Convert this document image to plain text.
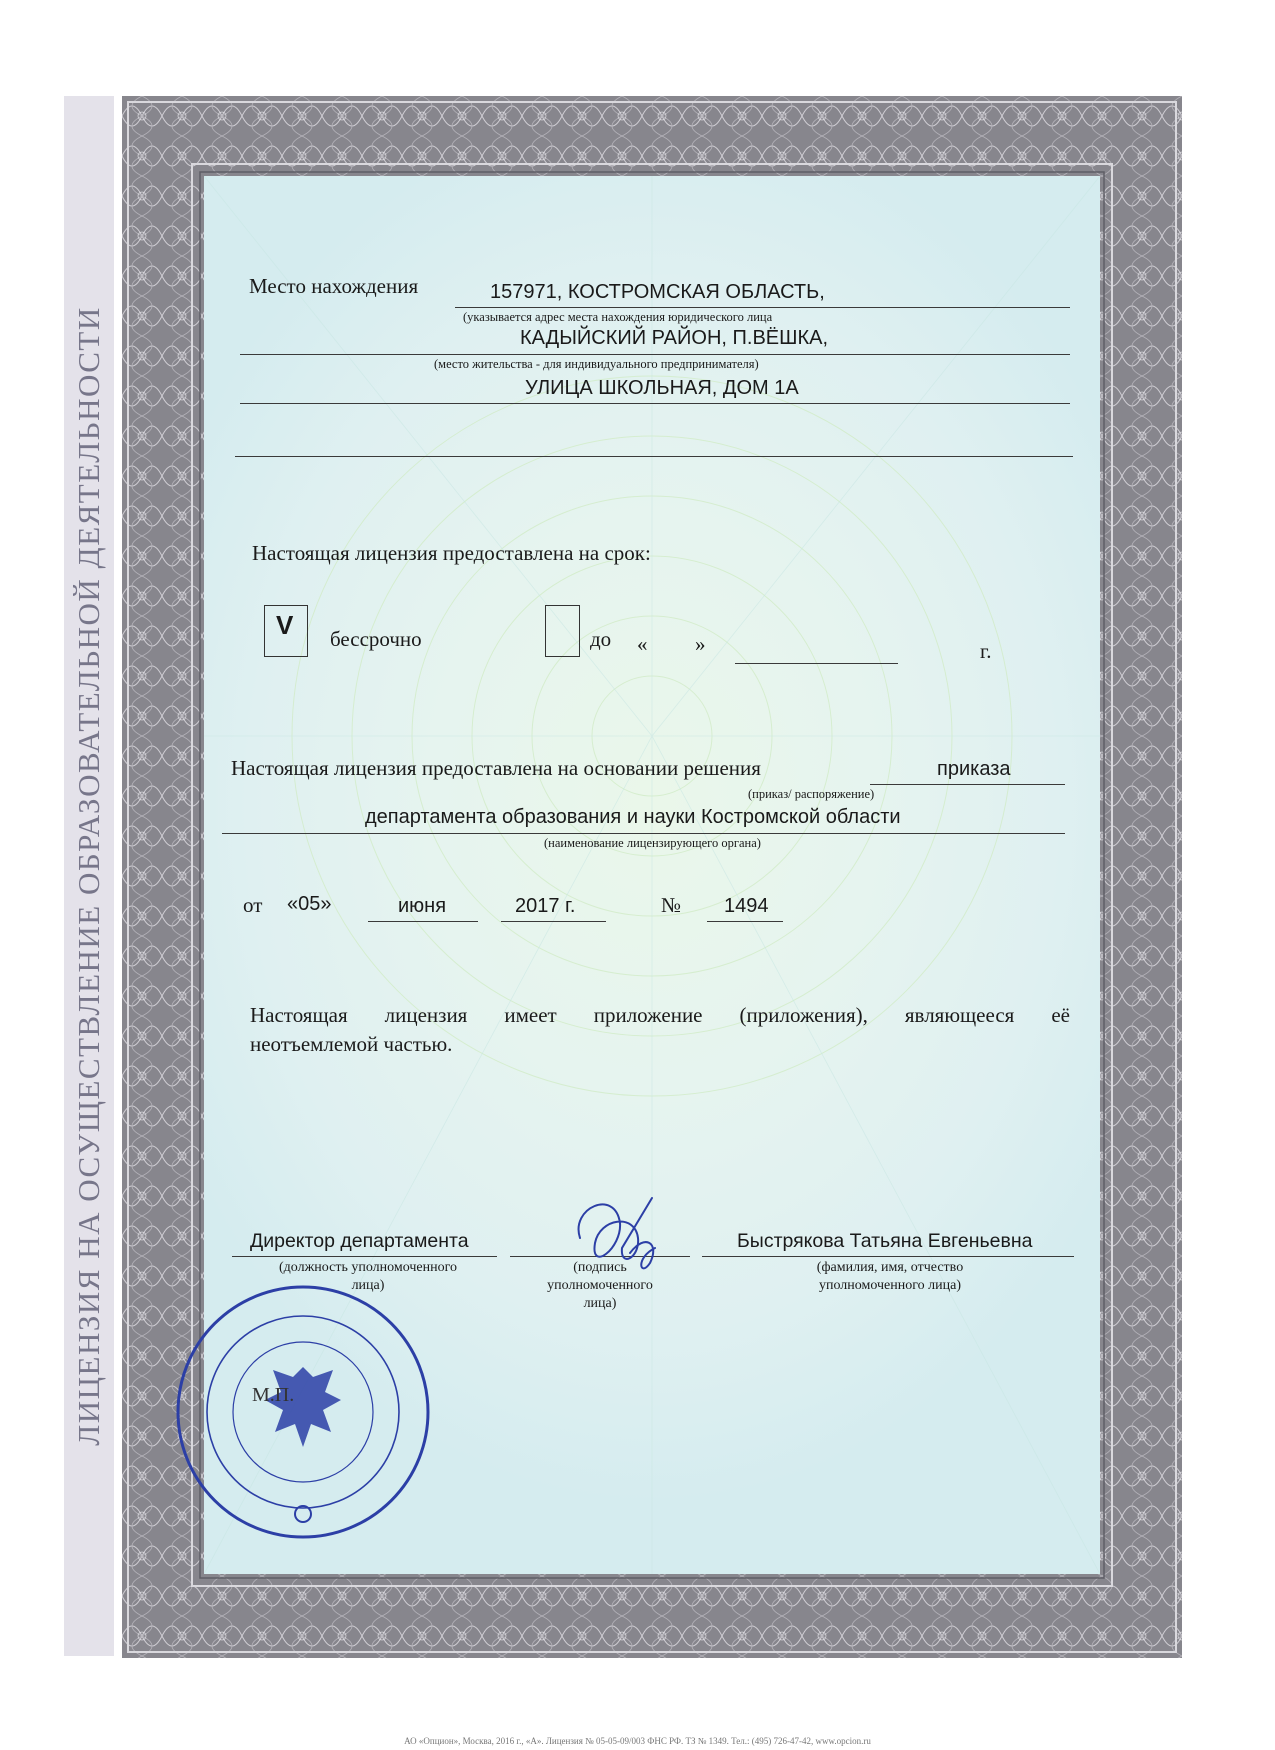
ЛИЦЕНЗИЯ НА ОСУЩЕСТВЛЕНИЕ ОБРАЗОВАТЕЛЬНОЙ ДЕЯТЕЛЬНОСТИ
Место нахождения	157971, КОСТРОМСКАЯ ОБЛАСТЬ,
(указывается адрес места нахождения юридического лица
КАДЫЙСКИЙ РАЙОН, П.ВЁШКА,
(место жительства - для индивидуального предпринимателя)
УЛИЦА ШКОЛЬНАЯ, ДОМ 1А
Настоящая лицензия предоставлена на срок:
V бессрочно	до « »	г.
Настоящая лицензия предоставлена на основании решения	приказа
(приказ/ распоряжение)
департамента образования и науки Костромской области
(наименование лицензирующего органа)
от «05»	июня	2017 г.	№ 1494
Настоящая лицензия имеет приложение (приложения), являющееся её
неотъемлемой частью.
Директор департамента
(должность уполномоченного
лица)
(подпись
уполномоченного
лица)
Быстрякова Татьяна Евгеньевна
(фамилия, имя, отчество
уполномоченного лица)
М.П.
АО «Опцион», Москва, 2016 г., «А». Лицензия № 05-05-09/003 ФНС РФ. ТЗ № 1349. Тел.: (495) 726-47-42, www.opcion.ru
